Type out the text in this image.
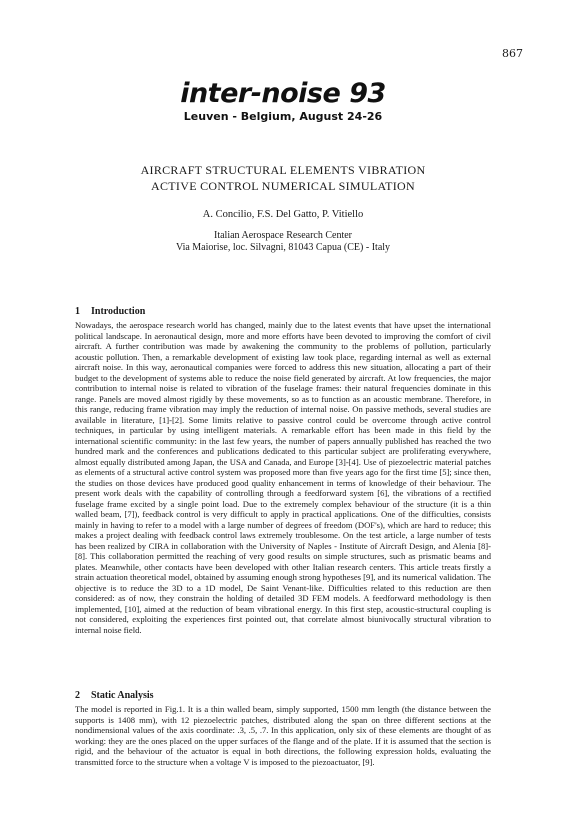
867
inter-noise 93
Leuven - Belgium, August 24-26
AIRCRAFT STRUCTURAL ELEMENTS VIBRATION
ACTIVE CONTROL NUMERICAL SIMULATION
A. Concilio, F.S. Del Gatto, P. Vitiello
Italian Aerospace Research Center
Via Maiorise, loc. Silvagni, 81043 Capua (CE) - Italy
1 Introduction

Nowadays, the aerospace research world has changed, mainly due to the latest events that have upset the international political landscape. In aeronautical design, more and more efforts have been devoted to improving the comfort of civil aircraft. A further contribution was made by awakening the community to the problems of pollution, particularly acoustic pollution. Then, a remarkable development of existing law took place, regarding internal as well as external aircraft noise. In this way, aeronautical companies were forced to address this new situation, allocating a part of their budget to the development of systems able to reduce the noise field generated by aircraft. At low frequencies, the major contribution to internal noise is related to vibration of the fuselage frames: their natural frequencies dominate in this range. Panels are moved almost rigidly by these movements, so as to function as an acoustic membrane. Therefore, in this range, reducing frame vibration may imply the reduction of internal noise. On passive methods, several studies are available in literature, [1]-[2]. Some limits relative to passive control could be overcome through active control techniques, in particular by using intelligent materials. A remarkable effort has been made in this field by the international scientific community: in the last few years, the number of papers annually published has reached the two hundred mark and the conferences and publications dedicated to this particular subject are proliferating everywhere, almost equally distributed among Japan, the USA and Canada, and Europe [3]-[4]. Use of piezoelectric material patches as elements of a structural active control system was proposed more than five years ago for the first time [5]; since then, the studies on those devices have produced good quality enhancement in terms of knowledge of their behaviour. The present work deals with the capability of controlling through a feedforward system [6], the vibrations of a rectified fuselage frame excited by a single point load. Due to the extremely complex behaviour of the structure (it is a thin walled beam, [7]), feedback control is very difficult to apply in practical applications. One of the difficulties, consists mainly in having to refer to a model with a large number of degrees of freedom (DOF's), which are hard to reduce; this makes a project dealing with feedback control laws extremely troublesome. On the test article, a large number of tests has been realized by CIRA in collaboration with the University of Naples - Institute of Aircraft Design, and Alenia [8]-[8]. This collaboration permitted the reaching of very good results on simple structures, such as prismatic beams and plates. Meanwhile, other contacts have been developed with other Italian research centers. This article treats firstly a strain actuation theoretical model, obtained by assuming enough strong hypotheses [9], and its numerical validation. The objective is to reduce the 3D to a 1D model, De Saint Venant-like. Difficulties related to this reduction are then considered: as of now, they constrain the holding of detailed 3D FEM models. A feedforward methodology is then implemented, [10], aimed at the reduction of beam vibrational energy. In this first step, acoustic-structural coupling is not considered, exploiting the experiences first pointed out, that correlate almost biunivocally structural vibration to internal noise field.

2 Static Analysis

The model is reported in Fig.1. It is a thin walled beam, simply supported, 1500 mm length (the distance between the supports is 1408 mm), with 12 piezoelectric patches, distributed along the span on three different sections at the nondimensional values of the axis coordinate: .3, .5, .7. In this application, only six of these elements are thought of as working: they are the ones placed on the upper surfaces of the flange and of the plate. If it is assumed that the section is rigid, and the behaviour of the actuator is equal in both directions, the following expression holds, evaluating the transmitted force to the structure when a voltage V is imposed to the piezoactuator, [9].
